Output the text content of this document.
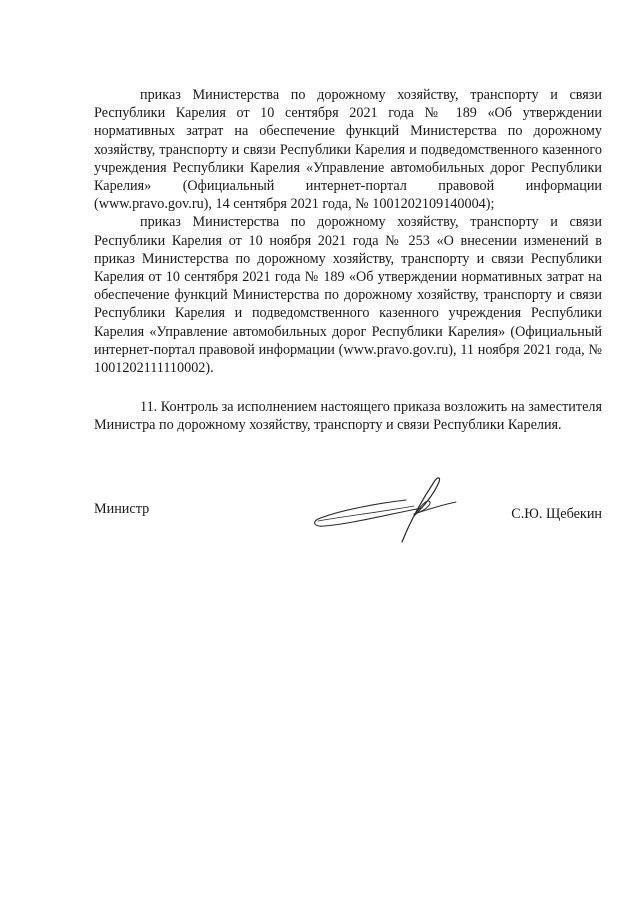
приказ Министерства по дорожному хозяйству, транспорту и связи Республики Карелия от 10 сентября 2021 года № 189 «Об утверждении нормативных затрат на обеспечение функций Министерства по дорожному хозяйству, транспорту и связи Республики Карелия и подведомственного казенного учреждения Республики Карелия «Управление автомобильных дорог Республики Карелия» (Официальный интернет-портал правовой информации (www.pravo.gov.ru), 14 сентября 2021 года, № 1001202109140004);

приказ Министерства по дорожному хозяйству, транспорту и связи Республики Карелия от 10 ноября 2021 года № 253 «О внесении изменений в приказ Министерства по дорожному хозяйству, транспорту и связи Республики Карелия от 10 сентября 2021 года № 189 «Об утверждении нормативных затрат на обеспечение функций Министерства по дорожному хозяйству, транспорту и связи Республики Карелия и подведомственного казенного учреждения Республики Карелия «Управление автомобильных дорог Республики Карелия» (Официальный интернет-портал правовой информации (www.pravo.gov.ru), 11 ноября 2021 года, № 1001202111110002).

11. Контроль за исполнением настоящего приказа возложить на заместителя Министра по дорожному хозяйству, транспорту и связи Республики Карелия.

Министр	С.Ю. Щебекин
